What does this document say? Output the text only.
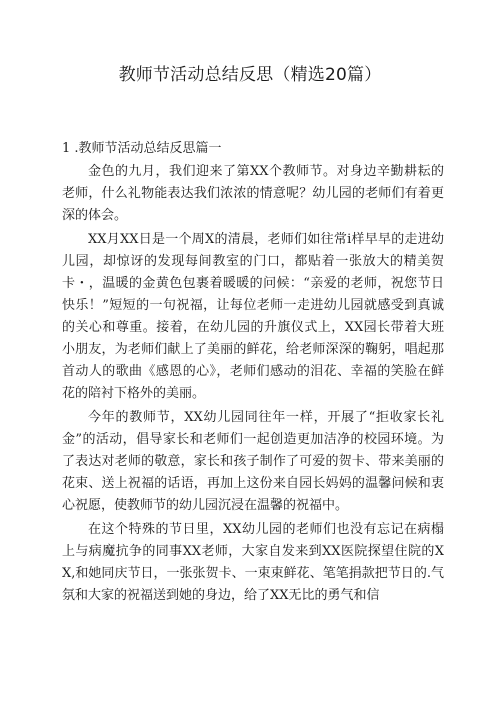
教师节活动总结反思（精选20篇）
1 .教师节活动总结反思篇一

金色的九月，我们迎来了第XX个教师节。对身边辛勤耕耘的老师，什么礼物能表达我们浓浓的情意呢？幼儿园的老师们有着更深的体会。

XX月XX日是一个周X的清晨，老师们如往常i样早早的走进幼儿园，却惊讶的发现每间教室的门口，都贴着一张放大的精美贺卡・，温暖的金黄色包裹着暖暖的问候：“亲爱的老师，祝您节日快乐！”短短的一句祝福，让每位老师一走进幼儿园就感受到真诚的关心和尊重。接着，在幼儿园的升旗仪式上，XX园长带着大班小朋友，为老师们献上了美丽的鲜花，给老师深深的鞠躬，唱起那首动人的歌曲《感恩的心》，老师们感动的泪花、幸福的笑脸在鲜花的陪衬下格外的美丽。

今年的教师节，XX幼儿园同往年一样，开展了“拒收家长礼金”的活动，倡导家长和老师们一起创造更加洁净的校园环境。为了表达对老师的敬意，家长和孩子制作了可爱的贺卡、带来美丽的花束、送上祝福的话语，再加上这份来自园长妈妈的温馨问候和衷心祝愿，使教师节的幼儿园沉浸在温馨的祝福中。

在这个特殊的节日里，XX幼儿园的老师们也没有忘记在病榻上与病魔抗争的同事XX老师，大家自发来到XX医院探望住院的XX,和她同庆节日，一张张贺卡、一束束鲜花、笔笔捐款把节日的.气氛和大家的祝福送到她的身边，给了XX无比的勇气和信
